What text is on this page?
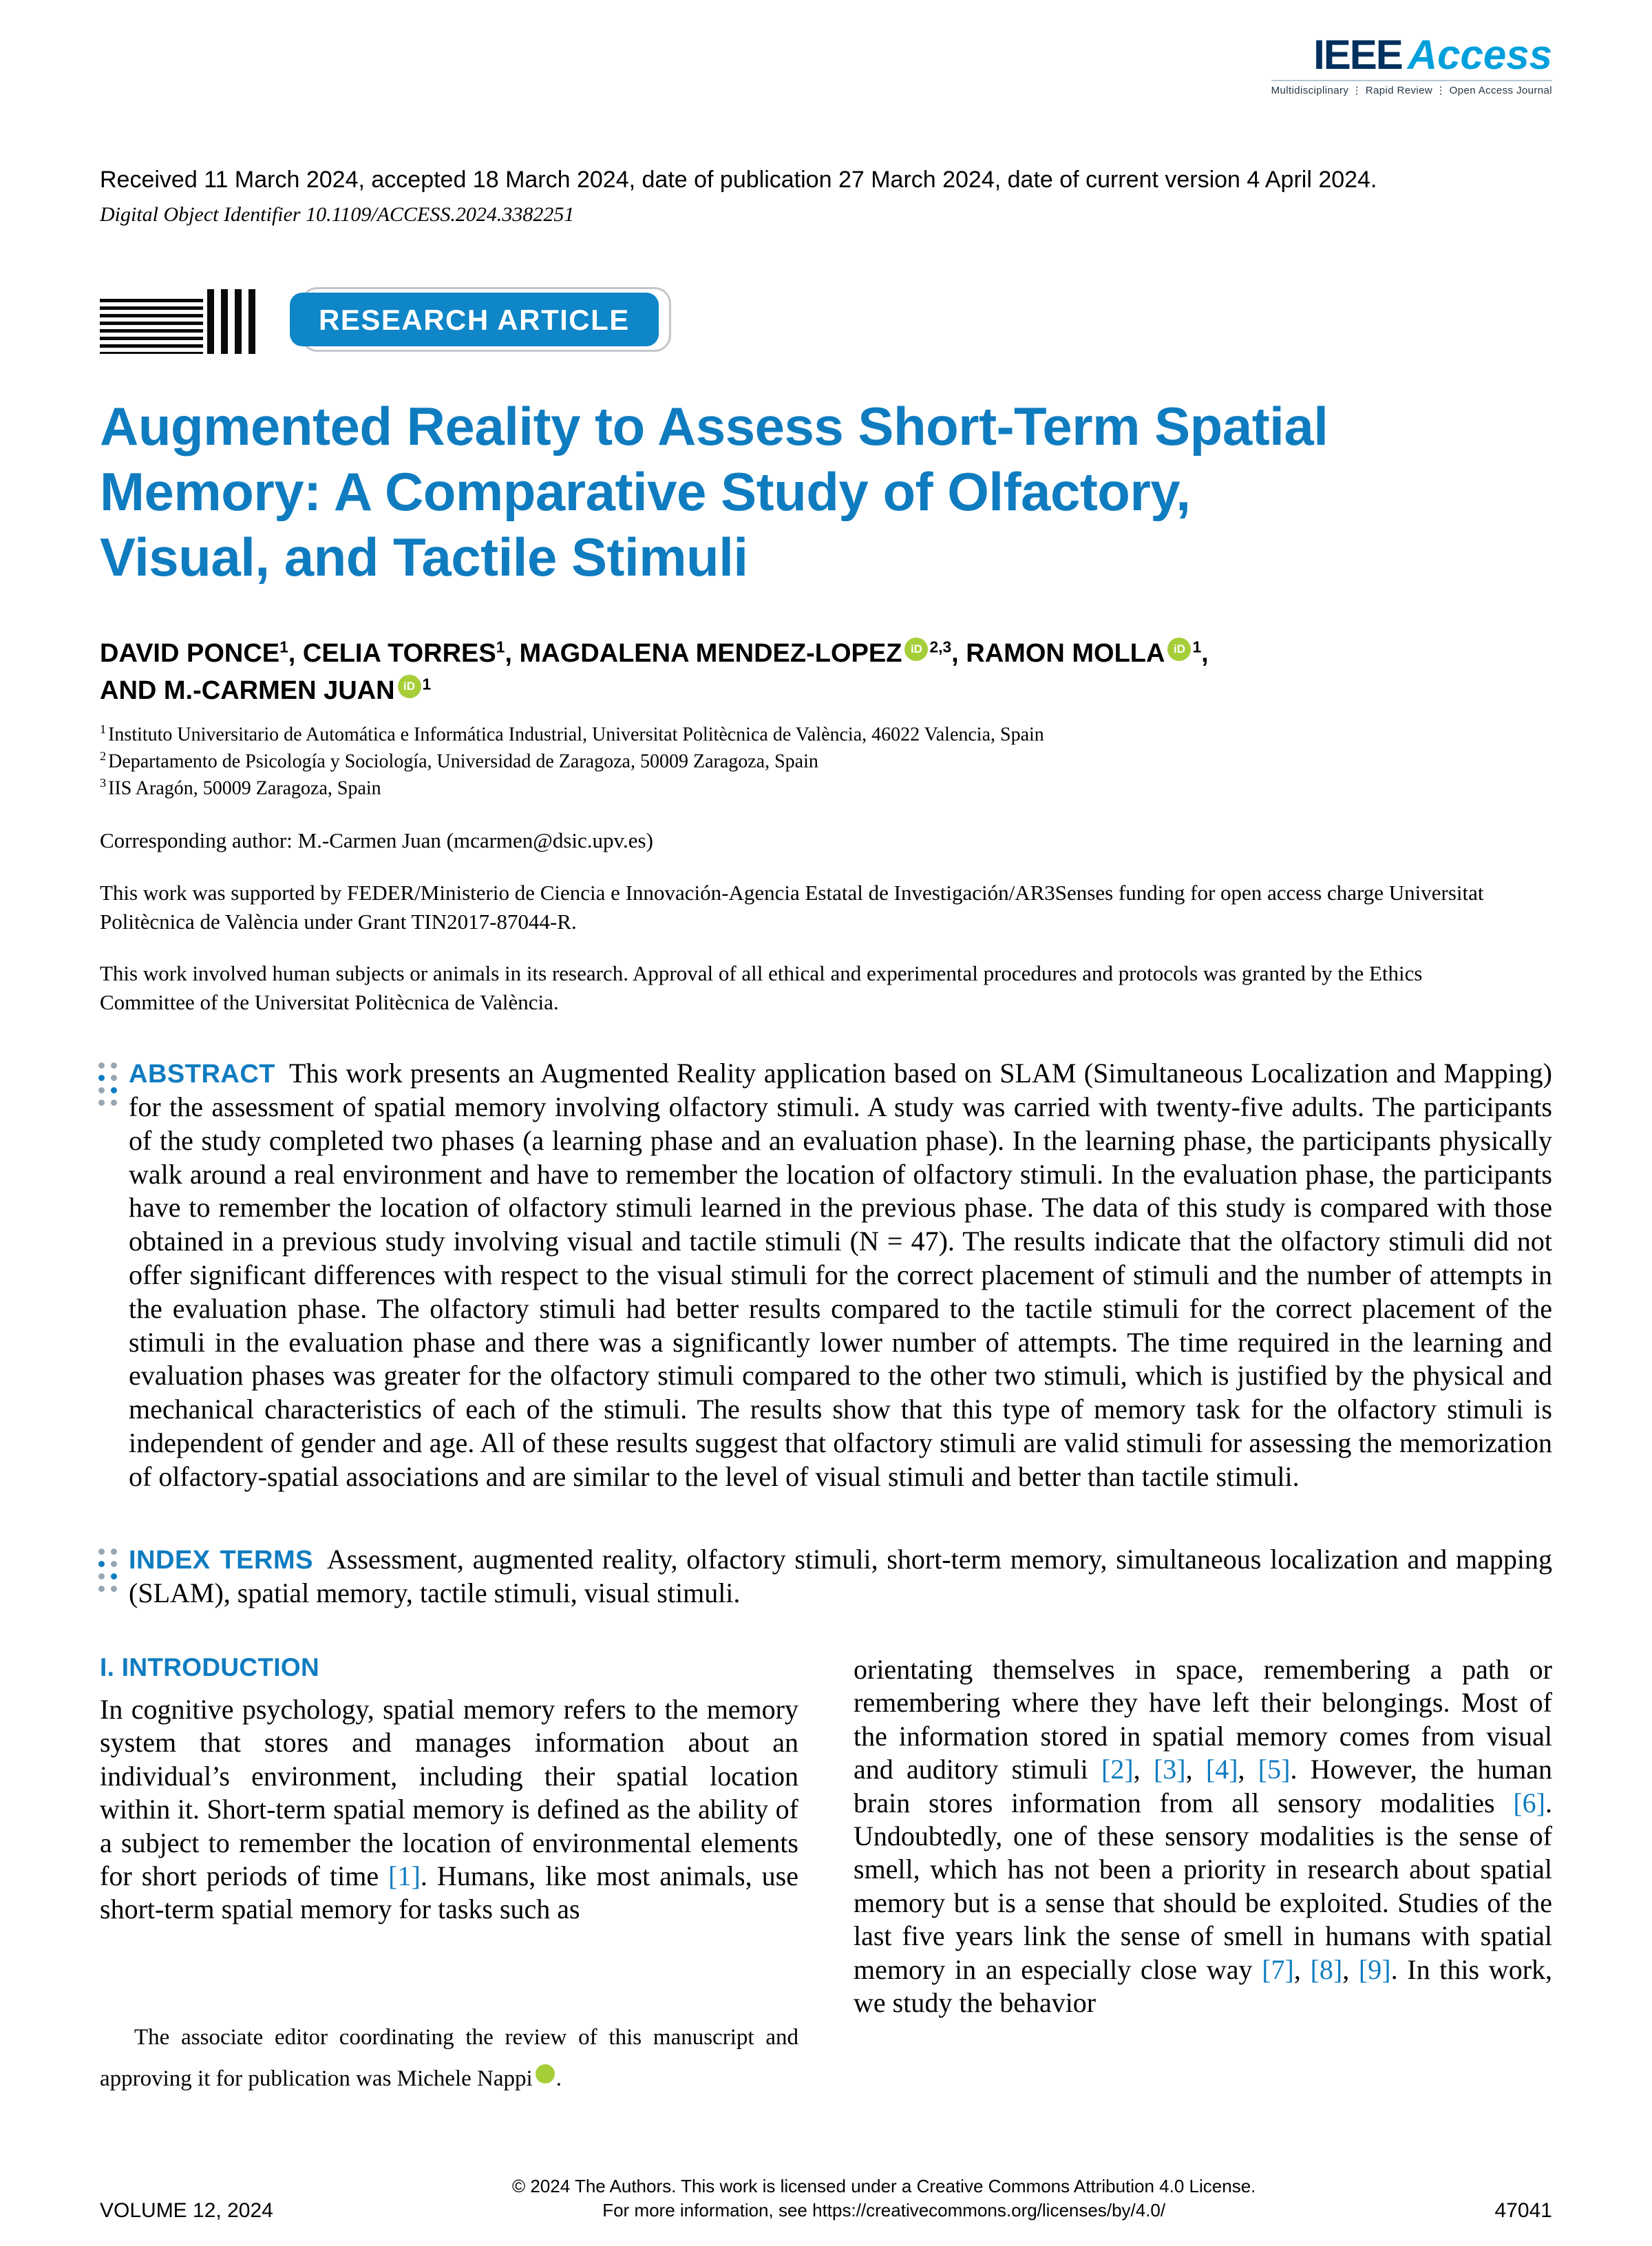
IEEE Access
Multidisciplinary ⋮ Rapid Review ⋮ Open Access Journal
Received 11 March 2024, accepted 18 March 2024, date of publication 27 March 2024, date of current version 4 April 2024.
Digital Object Identifier 10.1109/ACCESS.2024.3382251
RESEARCH ARTICLE
Augmented Reality to Assess Short-Term Spatial Memory: A Comparative Study of Olfactory, Visual, and Tactile Stimuli
DAVID PONCE$^1$, CELIA TORRES$^1$, MAGDALENA MENDEZ-LOPEZ iD $^{2,3}$, RAMON MOLLA iD $^1$,
AND M.-CARMEN JUAN iD $^1$
$^1$ Instituto Universitario de Automática e Informática Industrial, Universitat Politècnica de València, 46022 Valencia, Spain
$^2$ Departamento de Psicología y Sociología, Universidad de Zaragoza, 50009 Zaragoza, Spain
$^3$ IIS Aragón, 50009 Zaragoza, Spain
Corresponding author: M.-Carmen Juan (mcarmen@dsic.upv.es)
This work was supported by FEDER/Ministerio de Ciencia e Innovación-Agencia Estatal de Investigación/AR3Senses funding for open access charge Universitat Politècnica de València under Grant TIN2017-87044-R.
This work involved human subjects or animals in its research. Approval of all ethical and experimental procedures and protocols was granted by the Ethics Committee of the Universitat Politècnica de València.
ABSTRACT This work presents an Augmented Reality application based on SLAM (Simultaneous Localization and Mapping) for the assessment of spatial memory involving olfactory stimuli. A study was carried with twenty-five adults. The participants of the study completed two phases (a learning phase and an evaluation phase). In the learning phase, the participants physically walk around a real environment and have to remember the location of olfactory stimuli. In the evaluation phase, the participants have to remember the location of olfactory stimuli learned in the previous phase. The data of this study is compared with those obtained in a previous study involving visual and tactile stimuli (N = 47). The results indicate that the olfactory stimuli did not offer significant differences with respect to the visual stimuli for the correct placement of stimuli and the number of attempts in the evaluation phase. The olfactory stimuli had better results compared to the tactile stimuli for the correct placement of the stimuli in the evaluation phase and there was a significantly lower number of attempts. The time required in the learning and evaluation phases was greater for the olfactory stimuli compared to the other two stimuli, which is justified by the physical and mechanical characteristics of each of the stimuli. The results show that this type of memory task for the olfactory stimuli is independent of gender and age. All of these results suggest that olfactory stimuli are valid stimuli for assessing the memorization of olfactory-spatial associations and are similar to the level of visual stimuli and better than tactile stimuli.
INDEX TERMS Assessment, augmented reality, olfactory stimuli, short-term memory, simultaneous localization and mapping (SLAM), spatial memory, tactile stimuli, visual stimuli.
I. INTRODUCTION

In cognitive psychology, spatial memory refers to the memory system that stores and manages information about an individual’s environment, including their spatial location within it. Short-term spatial memory is defined as the ability of a subject to remember the location of environmental elements for short periods of time [1]. Humans, like most animals, use short-term spatial memory for tasks such as

The associate editor coordinating the review of this manuscript and approving it for publication was Michele Nappi	iD.

orientating themselves in space, remembering a path or remembering where they have left their belongings. Most of the information stored in spatial memory comes from visual and auditory stimuli [2], [3], [4], [5]. However, the human brain stores information from all sensory modalities [6]. Undoubtedly, one of these sensory modalities is the sense of smell, which has not been a priority in research about spatial memory but is a sense that should be exploited. Studies of the last five years link the sense of smell in humans with spatial memory in an especially close way [7], [8], [9]. In this work, we study the behavior

VOLUME 12, 2024
© 2024 The Authors. This work is licensed under a Creative Commons Attribution 4.0 License.
For more information, see https://creativecommons.org/licenses/by/4.0/	47041
